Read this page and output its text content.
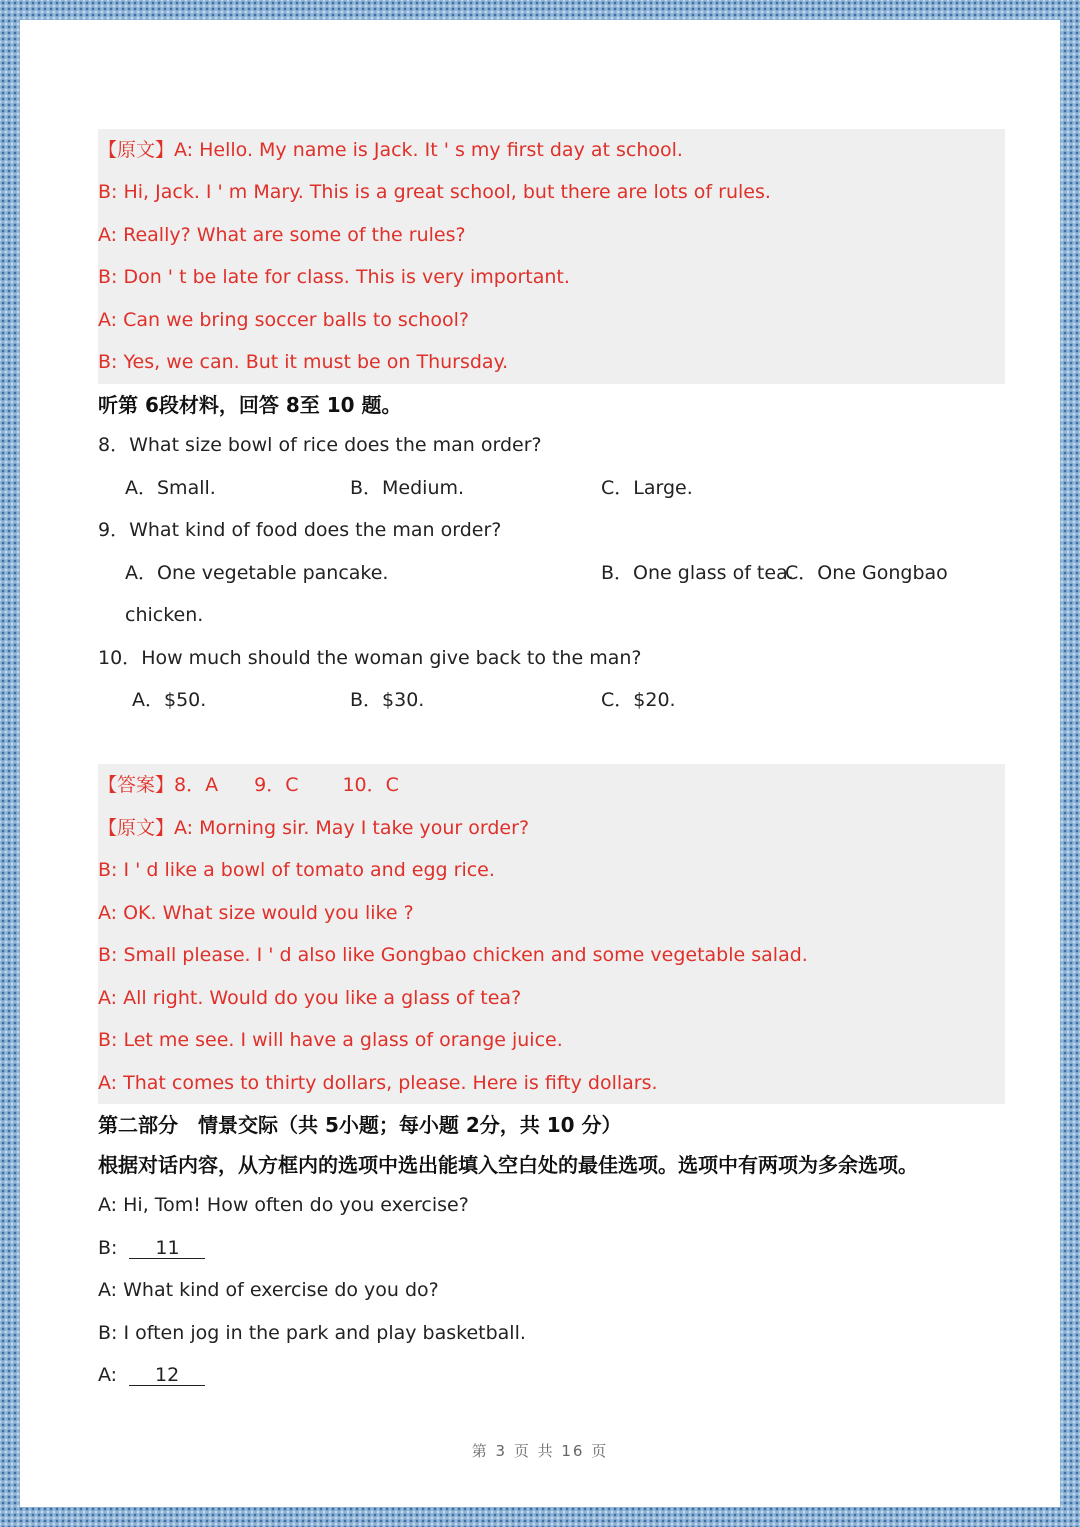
【原文】A: Hello. My name is Jack. It ' s my first day at school.
B: Hi, Jack. I ' m Mary. This is a great school, but there are lots of rules.
A: Really? What are some of the rules?
B: Don ' t be late for class. This is very important.
A: Can we bring soccer balls to school?
B: Yes, we can. But it must be on Thursday.
听第 6段材料，回答 8至 10 题。
8．What size bowl of rice does the man order?
A．Small.	B．Medium.	C．Large.
9．What kind of food does the man order?
A．One vegetable pancake.	B．One glass of tea.
C．One Gongbao
chicken.
10．How much should the woman give back to the man?
A．$50.	B．$30.	C．$20.
【答案】8．A 9．C 10．C
【原文】A: Morning sir. May I take your order?
B: I ' d like a bowl of tomato and egg rice.
A: OK. What size would you like ?
B: Small please. I ' d also like Gongbao chicken and some vegetable salad.
A: All right. Would do you like a glass of tea?
B: Let me see. I will have a glass of orange juice.
A: That comes to thirty dollars, please. Here is fifty dollars.
第二部分　情景交际（共 5小题；每小题 2分，共 10 分）
根据对话内容，从方框内的选项中选出能填入空白处的最佳选项。选项中有两项为多余选项。
A: Hi, Tom! How often do you exercise?
B: 11
A: What kind of exercise do you do?
B: I often jog in the park and play basketball.
A: 12
第 3 页 共 16 页
